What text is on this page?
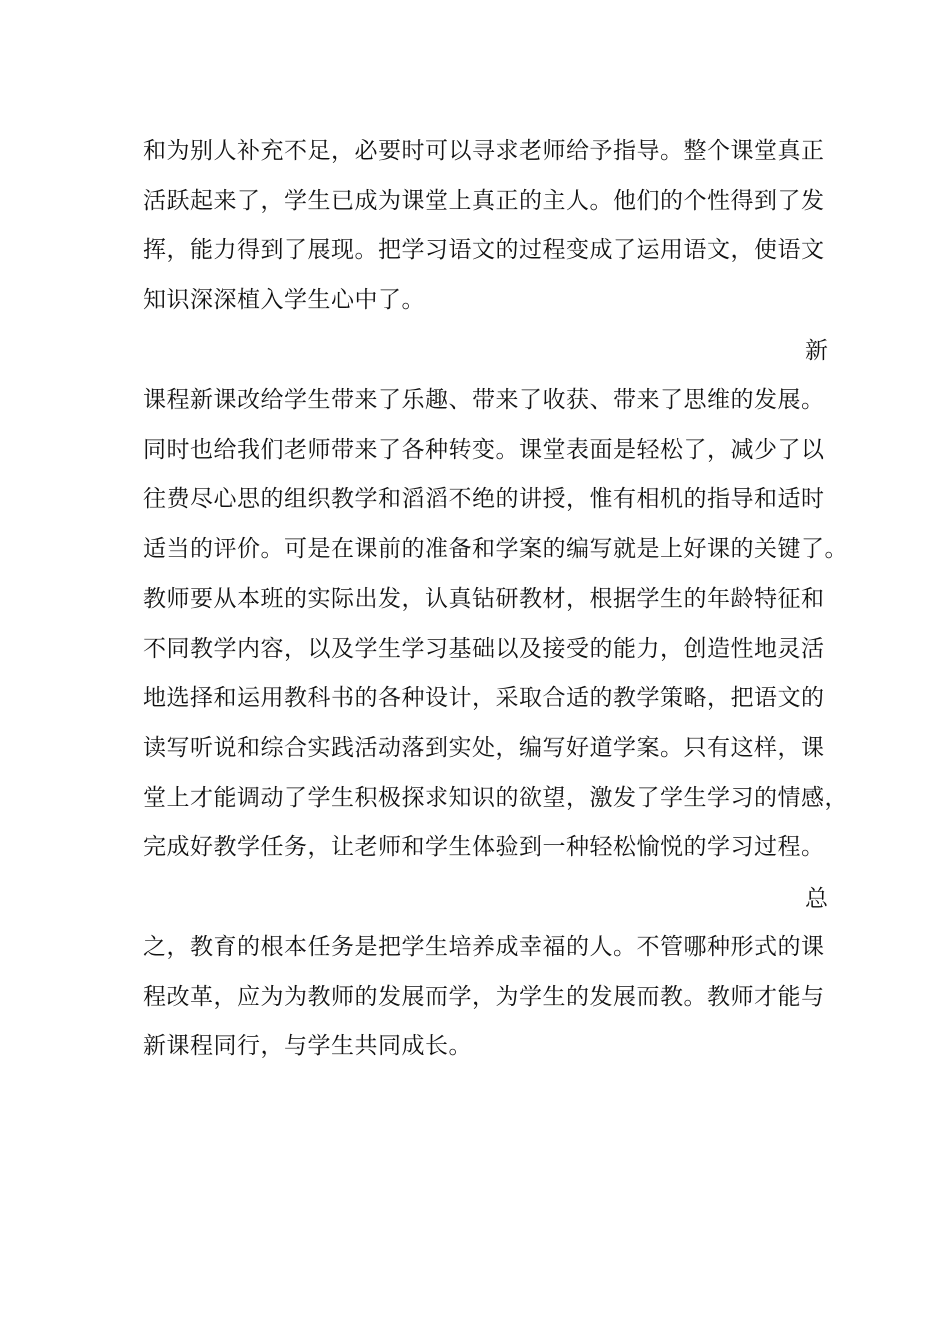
和为别人补充不足，必要时可以寻求老师给予指导。整个课堂真正
活跃起来了，学生已成为课堂上真正的主人。他们的个性得到了发
挥，能力得到了展现。把学习语文的过程变成了运用语文，使语文
知识深深植入学生心中了。
新
课程新课改给学生带来了乐趣、带来了收获、带来了思维的发展。
同时也给我们老师带来了各种转变。课堂表面是轻松了，减少了以
往费尽心思的组织教学和滔滔不绝的讲授，惟有相机的指导和适时
适当的评价。可是在课前的准备和学案的编写就是上好课的关键了。
教师要从本班的实际出发，认真钻研教材，根据学生的年龄特征和
不同教学内容，以及学生学习基础以及接受的能力，创造性地灵活
地选择和运用教科书的各种设计，采取合适的教学策略，把语文的
读写听说和综合实践活动落到实处，编写好道学案。只有这样，课
堂上才能调动了学生积极探求知识的欲望，激发了学生学习的情感，
完成好教学任务，让老师和学生体验到一种轻松愉悦的学习过程。
总
之，教育的根本任务是把学生培养成幸福的人。不管哪种形式的课
程改革，应为为教师的发展而学，为学生的发展而教。教师才能与
新课程同行，与学生共同成长。
